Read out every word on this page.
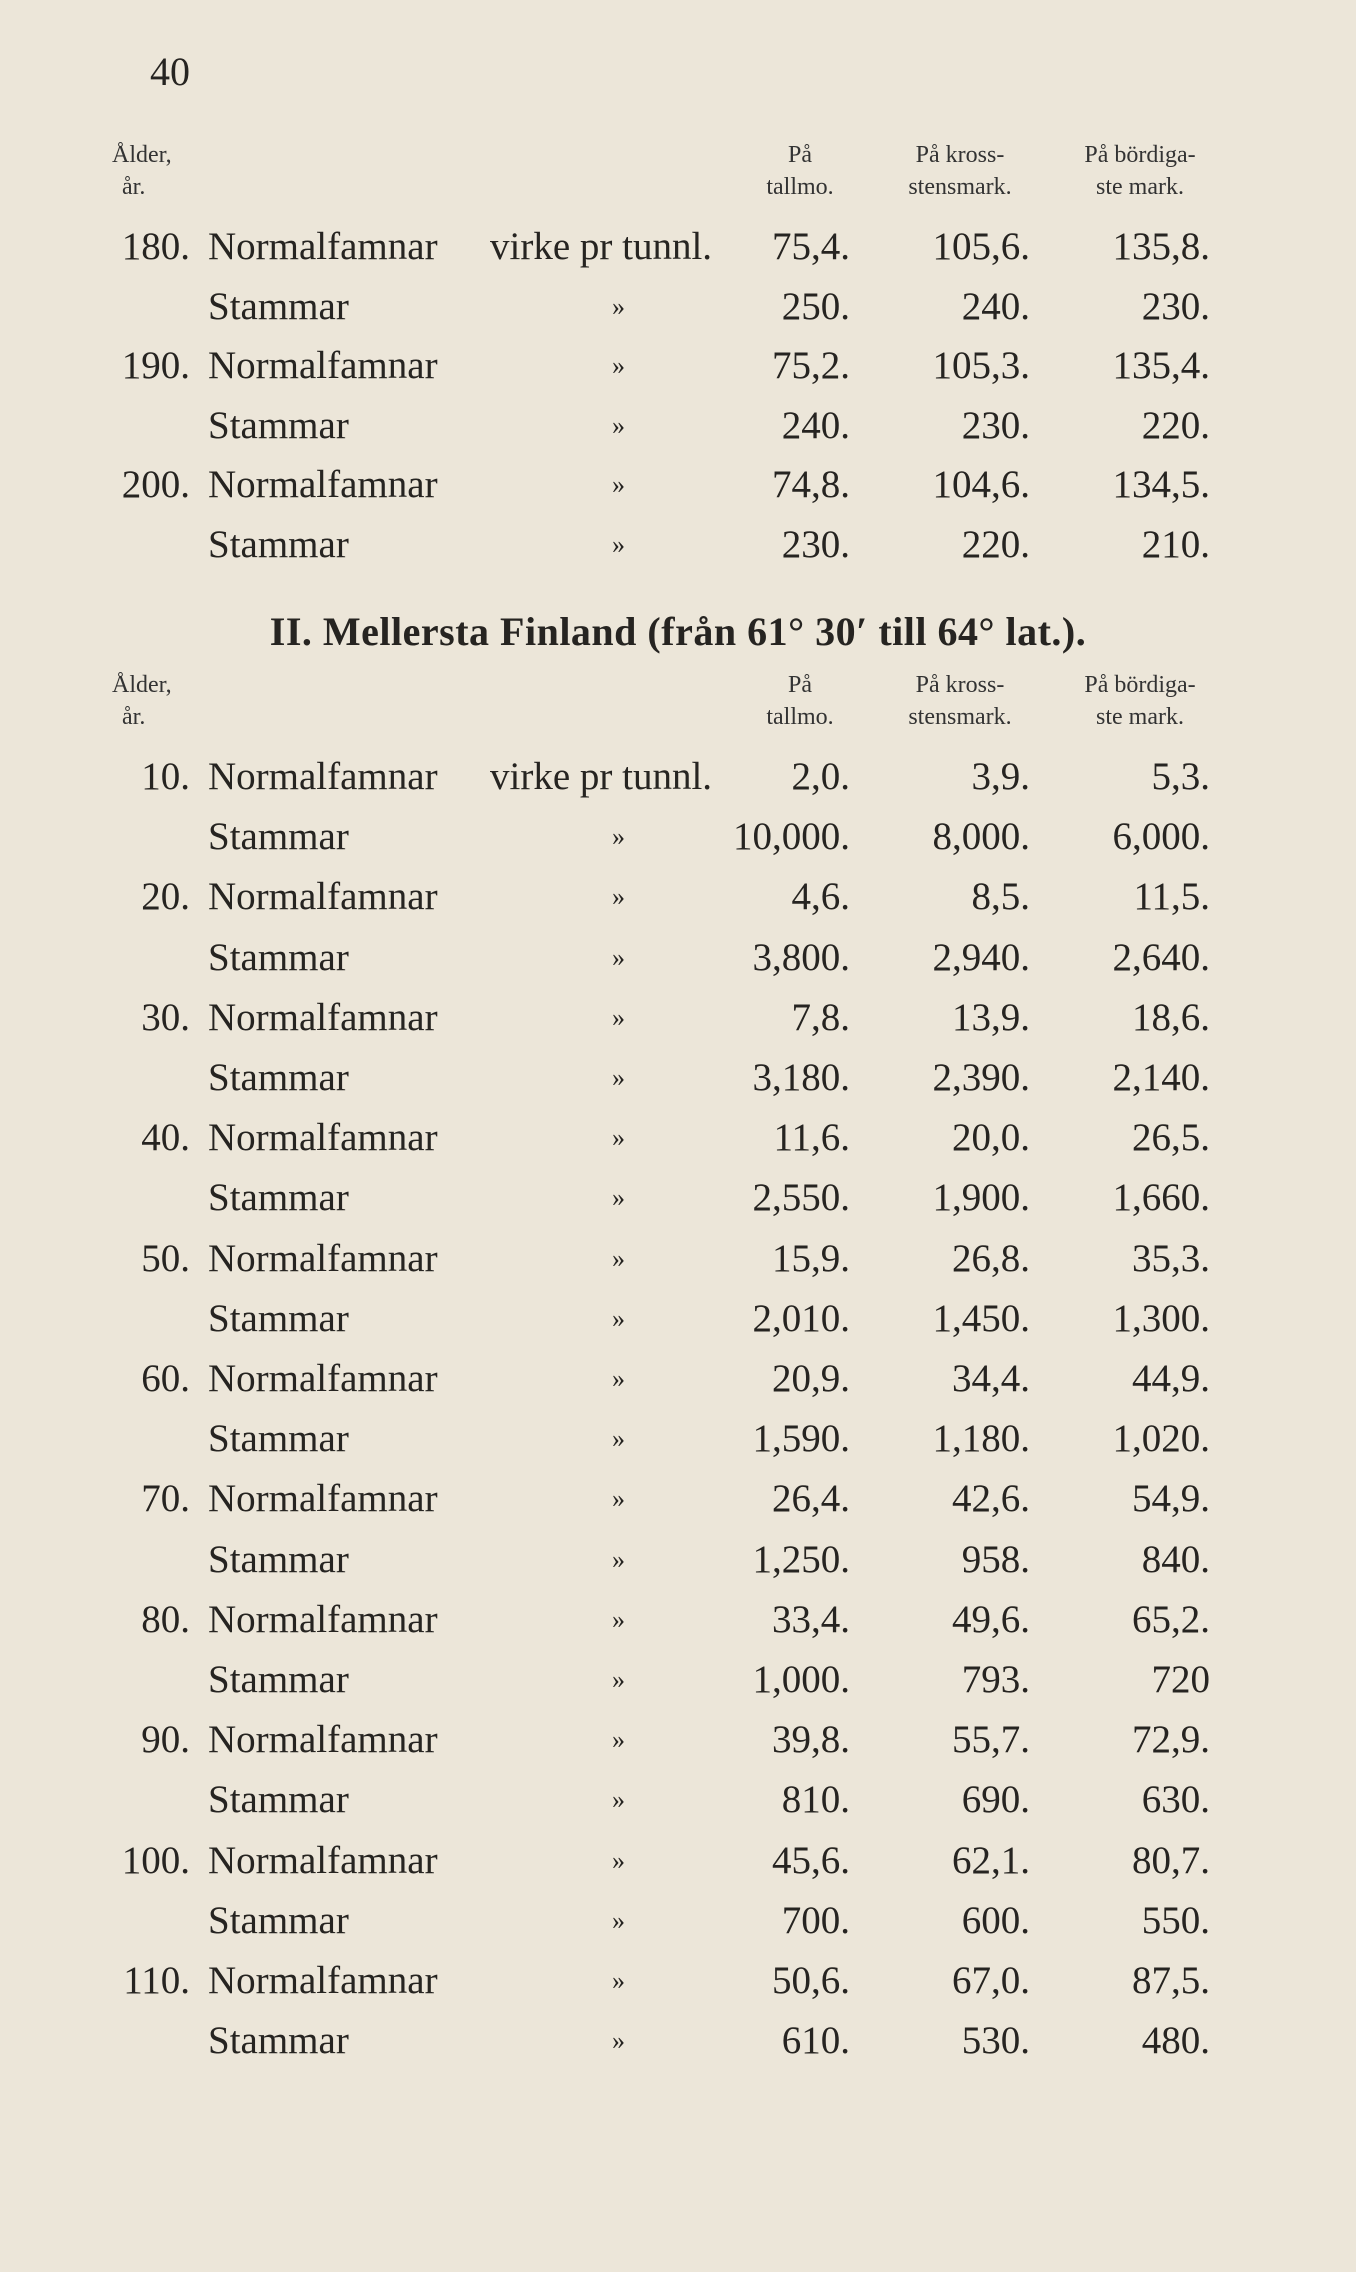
40
Ålder,
år.
På
tallmo.
På kross-
stensmark.
På bördiga-
ste mark.
180. Normalfamnar virke pr tunnl.	75,4.	105,6.	135,8.
Stammar	»	250.	240.	230.
190. Normalfamnar	»	75,2.	105,3.	135,4.
Stammar	»	240.	230.	220.
200. Normalfamnar	»	74,8.	104,6.	134,5.
Stammar	»	230.	220.	210.
II. Mellersta Finland (från 61° 30′ till 64° lat.).
Ålder,
år.
På
tallmo.
På kross-
stensmark.
På bördiga-
ste mark.
10. Normalfamnar virke pr tunnl.	2,0.	3,9.	5,3.
Stammar	»	10,000.	8,000.	6,000.
20. Normalfamnar	»	4,6.	8,5.	11,5.
Stammar	»	3,800.	2,940.	2,640.
30. Normalfamnar	»	7,8.	13,9.	18,6.
Stammar	»	3,180.	2,390.	2,140.
40. Normalfamnar	»	11,6.	20,0.	26,5.
Stammar	»	2,550.	1,900.	1,660.
50. Normalfamnar	»	15,9.	26,8.	35,3.
Stammar	»	2,010.	1,450.	1,300.
60. Normalfamnar	»	20,9.	34,4.	44,9.
Stammar	»	1,590.	1,180.	1,020.
70. Normalfamnar	»	26,4.	42,6.	54,9.
Stammar	»	1,250.	958.	840.
80. Normalfamnar	»	33,4.	49,6.	65,2.
Stammar	»	1,000.	793.	720
90. Normalfamnar	»	39,8.	55,7.	72,9.
Stammar	»	810.	690.	630.
100. Normalfamnar	»	45,6.	62,1.	80,7.
Stammar	»	700.	600.	550.
110. Normalfamnar	»	50,6.	67,0.	87,5.
Stammar	»	610.	530.	480.
